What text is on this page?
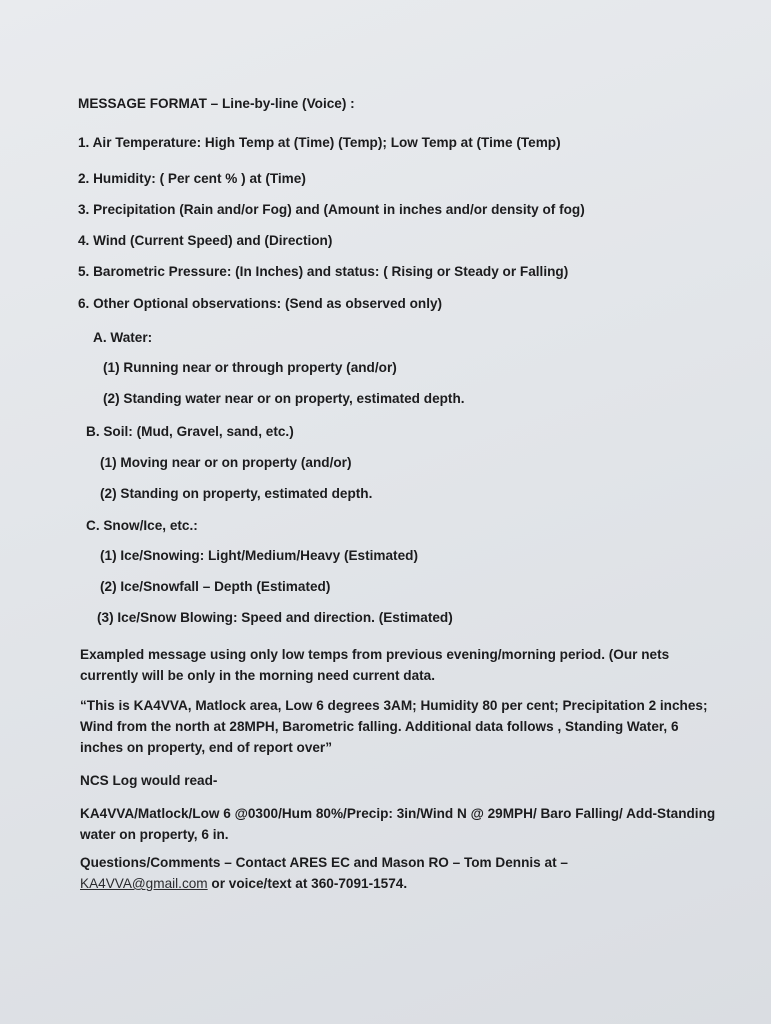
MESSAGE FORMAT – Line-by-line (Voice) :
1. Air Temperature: High Temp at (Time) (Temp); Low Temp at (Time (Temp)
2. Humidity: ( Per cent % ) at (Time)
3. Precipitation (Rain and/or Fog) and (Amount in inches and/or density of fog)
4. Wind (Current Speed) and (Direction)
5. Barometric Pressure: (In Inches) and status: ( Rising or Steady or Falling)
6. Other Optional observations: (Send as observed only)
A. Water:
(1) Running near or through property (and/or)
(2) Standing water near or on property, estimated depth.
B. Soil: (Mud, Gravel, sand, etc.)
(1) Moving near or on property (and/or)
(2) Standing on property, estimated depth.
C. Snow/Ice, etc.:
(1) Ice/Snowing: Light/Medium/Heavy (Estimated)
(2) Ice/Snowfall – Depth (Estimated)
(3) Ice/Snow Blowing: Speed and direction. (Estimated)
Exampled message using only low temps from previous evening/morning period. (Our nets currently will be only in the morning need current data.
“This is KA4VVA, Matlock area, Low 6 degrees 3AM; Humidity 80 per cent; Precipitation 2 inches; Wind from the north at 28MPH, Barometric falling. Additional data follows , Standing Water, 6 inches on property, end of report over”
NCS Log would read-
KA4VVA/Matlock/Low 6 @0300/Hum 80%/Precip: 3in/Wind N @ 29MPH/ Baro Falling/ Add-Standing water on property, 6 in.
Questions/Comments – Contact ARES EC and Mason RO – Tom Dennis at –
KA4VVA@gmail.com or voice/text at 360-7091-1574.
